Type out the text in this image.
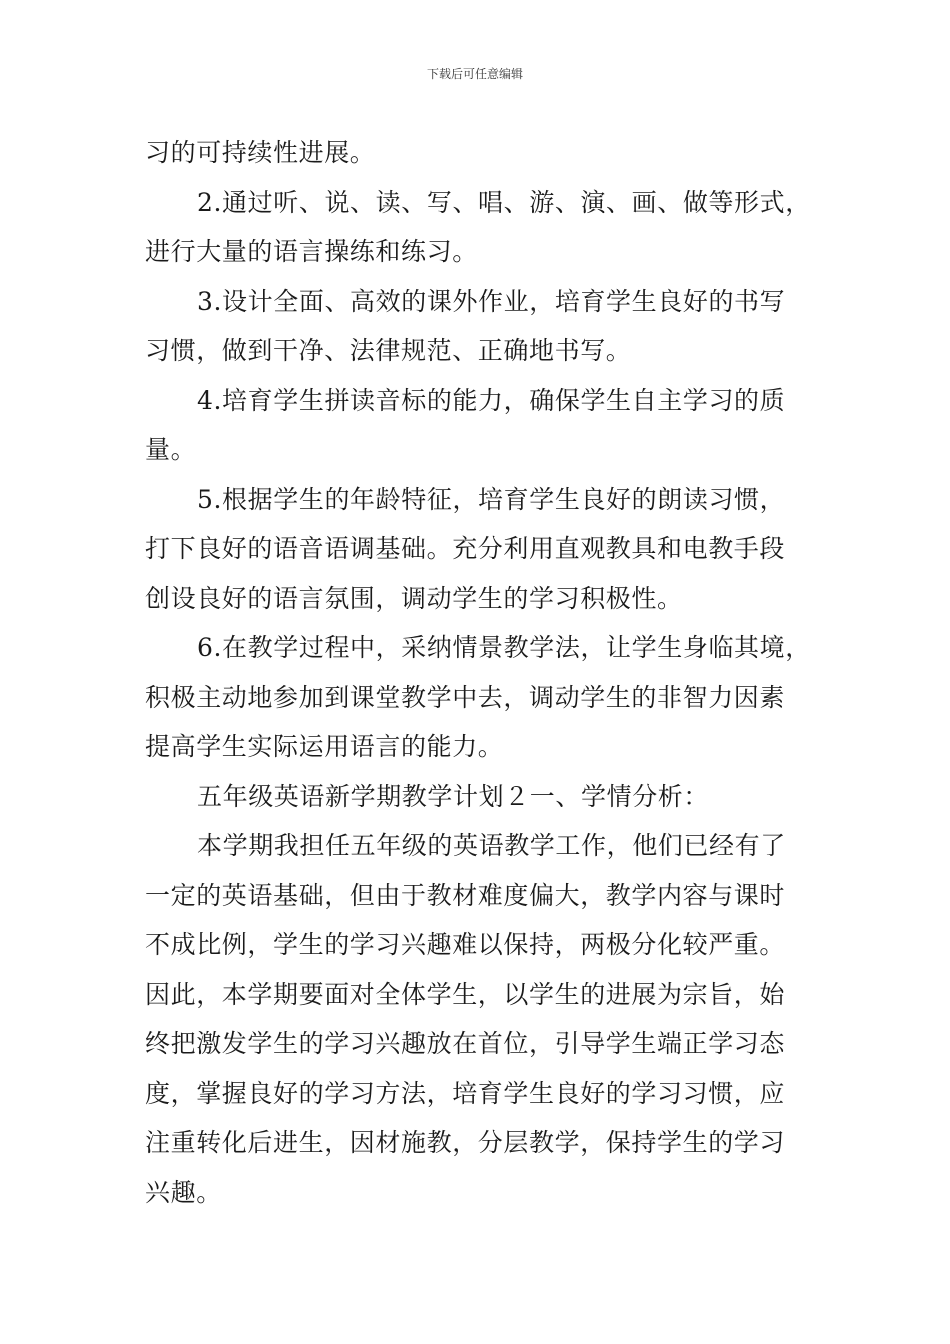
下载后可任意编辑
习的可持续性进展。
2.通过听、说、读、写、唱、游、演、画、做等形式，
进行大量的语言操练和练习。
3.设计全面、高效的课外作业，培育学生良好的书写
习惯，做到干净、法律规范、正确地书写。
4.培育学生拼读音标的能力，确保学生自主学习的质
量。
5.根据学生的年龄特征，培育学生良好的朗读习惯，
打下良好的语音语调基础。充分利用直观教具和电教手段
创设良好的语言氛围，调动学生的学习积极性。
6.在教学过程中，采纳情景教学法，让学生身临其境，
积极主动地参加到课堂教学中去，调动学生的非智力因素
提高学生实际运用语言的能力。
五年级英语新学期教学计划２一、学情分析：
本学期我担任五年级的英语教学工作，他们已经有了
一定的英语基础，但由于教材难度偏大，教学内容与课时
不成比例，学生的学习兴趣难以保持，两极分化较严重。
因此，本学期要面对全体学生，以学生的进展为宗旨，始
终把激发学生的学习兴趣放在首位，引导学生端正学习态
度，掌握良好的学习方法，培育学生良好的学习习惯，应
注重转化后进生，因材施教，分层教学，保持学生的学习
兴趣。
